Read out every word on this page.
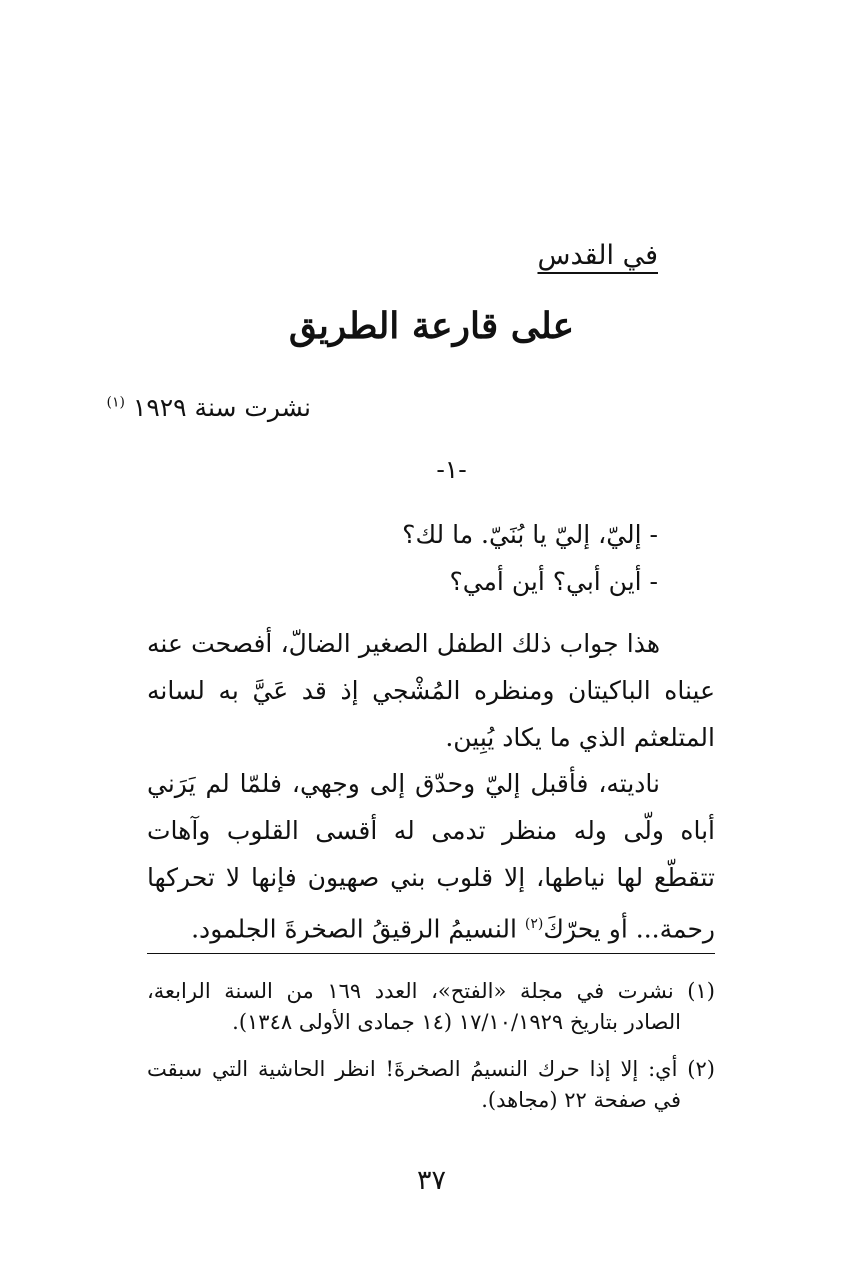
في القدس
على قارعة الطريق
نشرت سنة ١٩٢٩ $^{(١)}$
-١-
- إليّ، إليّ يا بُنَيّ. ما لك؟
- أين أبي؟ أين أمي؟
هذا جواب ذلك الطفل الصغير الضالّ، أفصحت عنه عيناه الباكيتان ومنظره المُشْجي إذ قد عَيَّ به لسانه المتلعثم الذي ما يكاد يُبِين.
ناديته، فأقبل إليّ وحدّق إلى وجهي، فلمّا لم يَرَني أباه ولّى وله منظر تدمى له أقسى القلوب وآهات تتقطّع لها نياطها، إلا قلوب بني صهيون فإنها لا تحركها رحمة... أو يحرّكَ$^{(٢)}$ النسيمُ الرقيقُ الصخرةَ الجلمود.
(١) نشرت في مجلة «الفتح»، العدد ١٦٩ من السنة الرابعة، الصادر بتاريخ ١٧/١٠/١٩٢٩ (١٤ جمادى الأولى ١٣٤٨).
(٢) أي: إلا إذا حرك النسيمُ الصخرةَ! انظر الحاشية التي سبقت في صفحة ٢٢ (مجاهد).
٣٧
